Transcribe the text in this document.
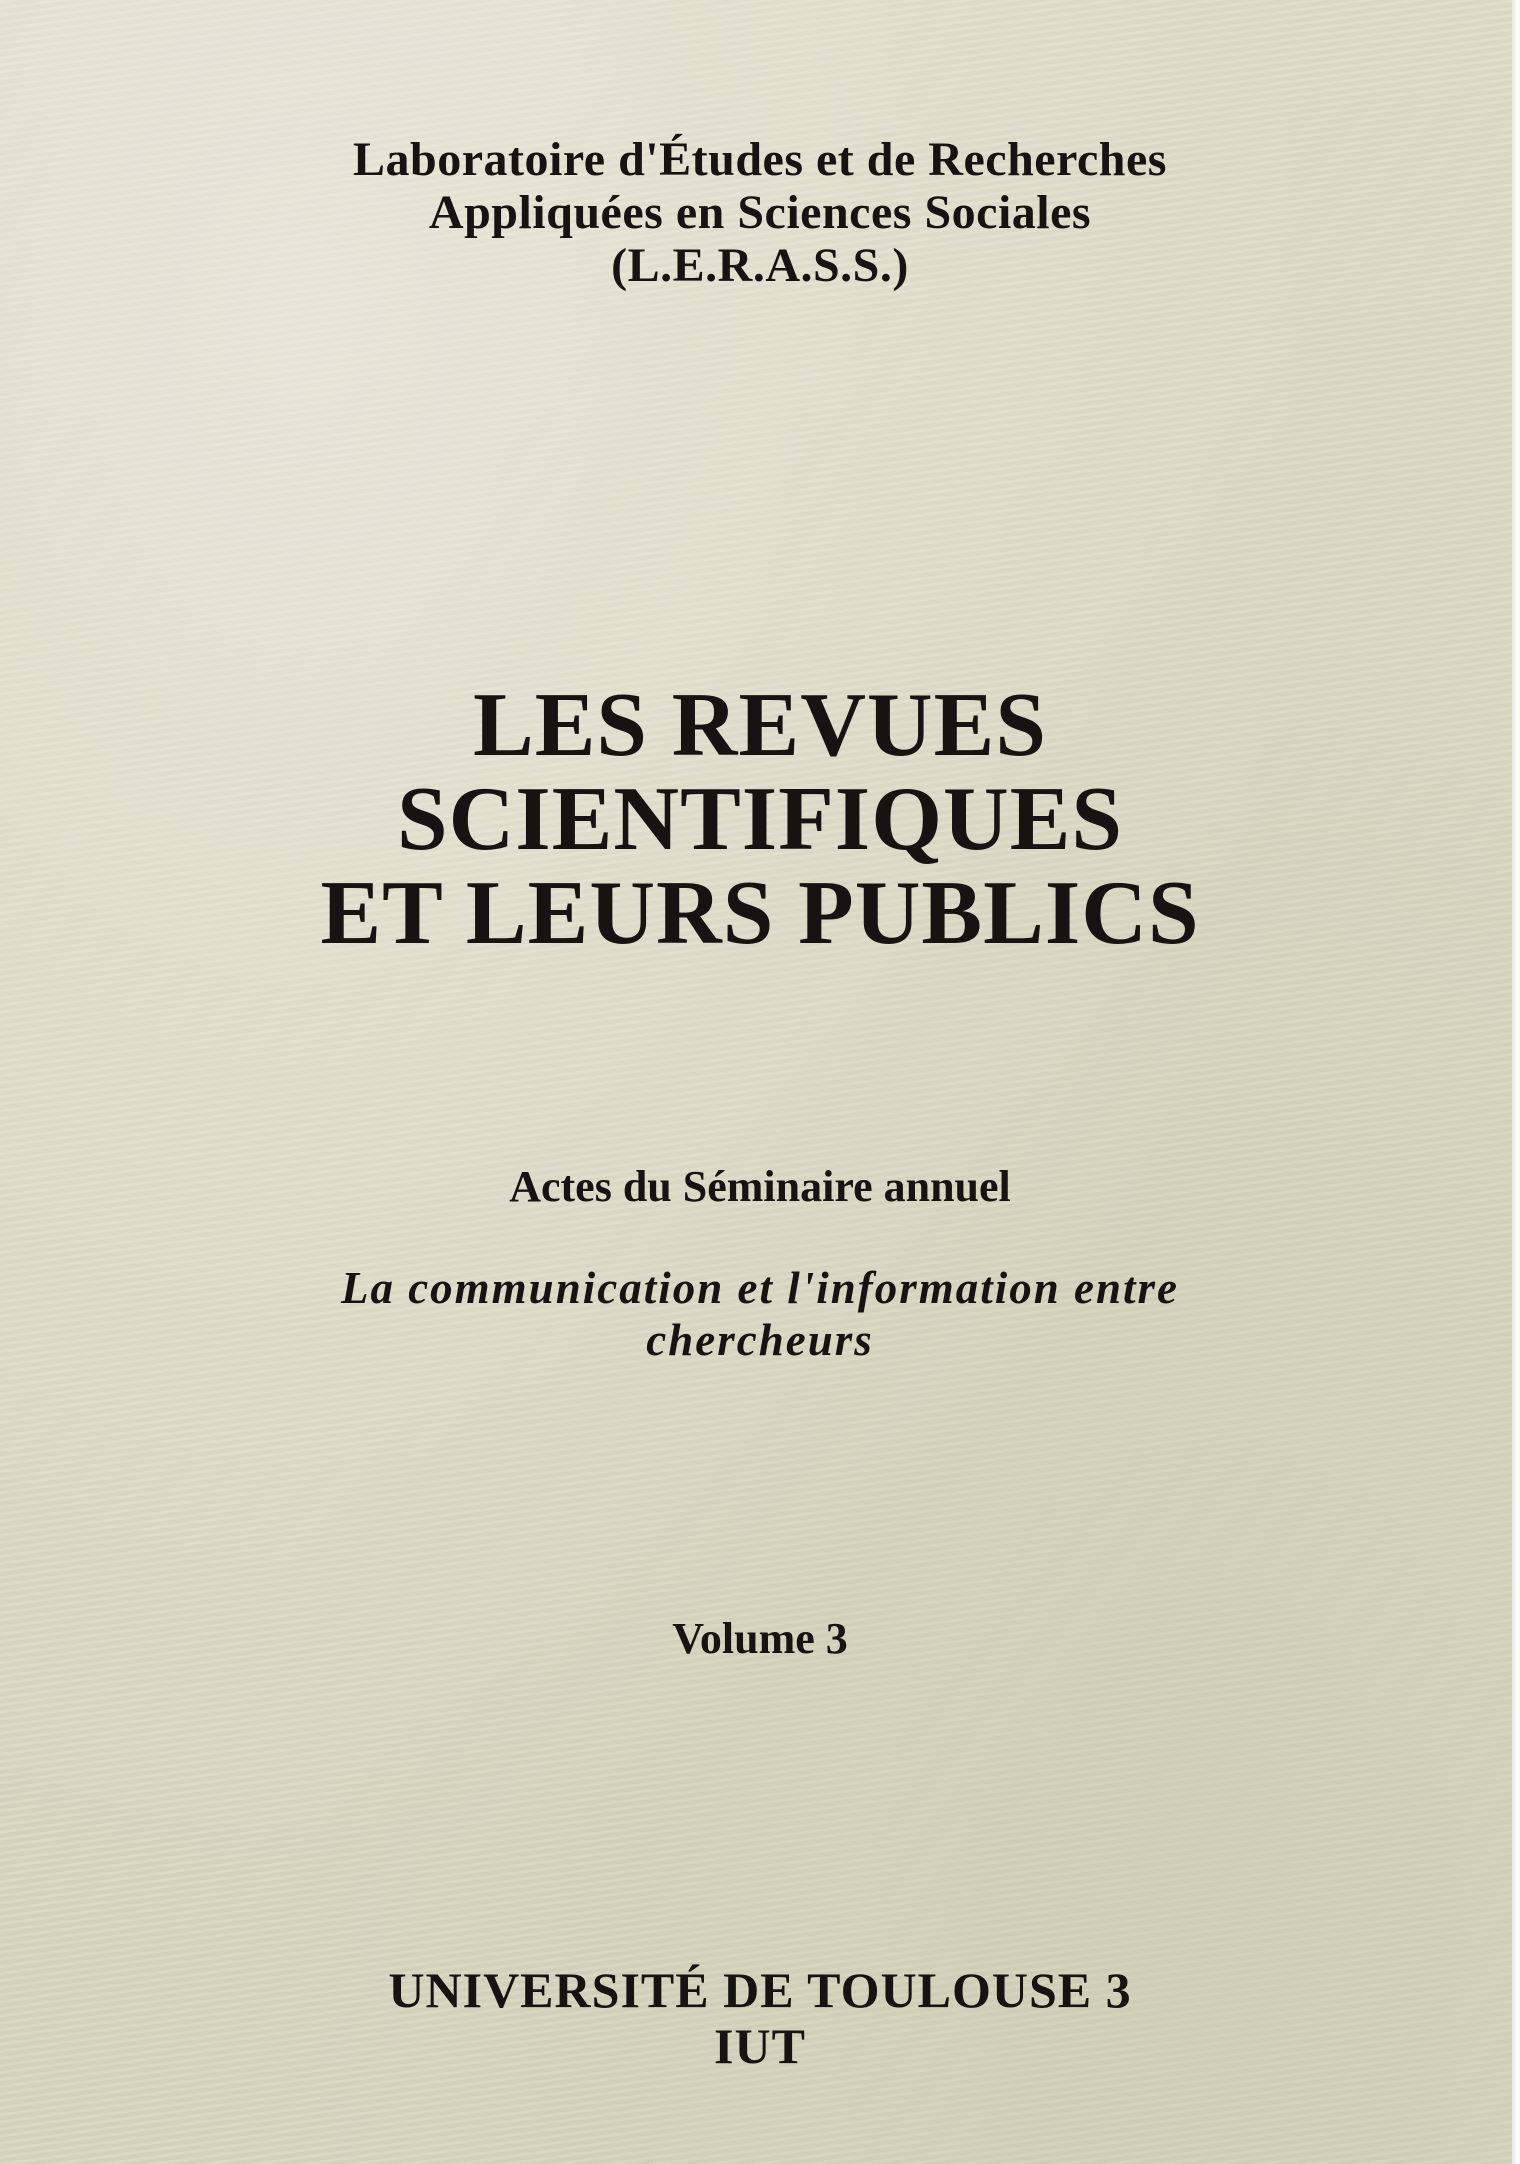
Laboratoire d'Études et de Recherches
Appliquées en Sciences Sociales
(L.E.R.A.S.S.)
LES REVUES
SCIENTIFIQUES
ET LEURS PUBLICS
Actes du Séminaire annuel
La communication et l'information entre
chercheurs
Volume 3
UNIVERSITÉ DE TOULOUSE 3
IUT
